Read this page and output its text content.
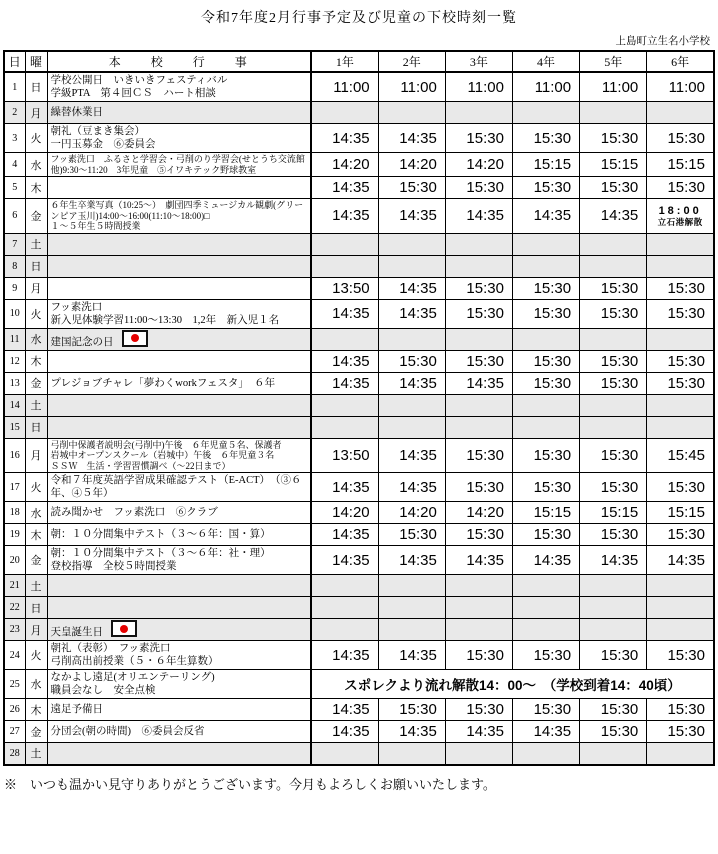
令和7年度2月行事予定及び児童の下校時刻一覧
上島町立生名小学校
日	曜	本　　校　　行　　事	1年	2年	3年	4年	5年	6年
1	日	学校公開日　いきいきフェスティバル
学級PTA　第４回ＣＳ　ハート相談	11:00	11:00	11:00	11:00	11:00	11:00
2	月	繰替休業日						

3	火	朝礼（豆まき集会）
一円玉募金　⑥委員会	14:35	14:35	15:30	15:30	15:30	15:30
4	水	フッ素洗口　ふるさと学習会・弓削のり学習会(せとうち交流館他)9:30～11:20　3年児童　⑤イワキテック野球教室	14:20	14:20	14:20	15:15	15:15	15:15
5	木		14:35	15:30	15:30	15:30	15:30	15:30
6	金	
６年生卒業写真（10:25～）　劇団四季ミュージカル観劇(グリーンピア玉川)14:00～16:00(11:10～18:00)□
１～５年生５時間授業
	14:35	14:35	14:35	14:35	14:35	18:00
立石港解散

7	土							
8	日							
9	月		13:50	14:35	15:30	15:30	15:30	15:30
10	火	フッ素洗口
新入児体験学習11:00～13:30　1,2年　新入児１名	14:35	14:35	15:30	15:30	15:30	15:30
11	水	建国記念の日						

12	木		14:35	15:30	15:30	15:30	15:30	15:30
13	金	プレジョブチャレ「夢わくworkフェスタ」　６年	14:35	14:35	14:35	15:30	15:30	15:30
14	土							
15	日							
16	月	弓削中保護者説明会(弓削中)午後　６年児童５名、保護者
岩城中オープンスクール（岩城中）午後　６年児童３名
ＳＳＷ　生活・学習習慣調べ（～22日まで）	13:50	14:35	15:30	15:30	15:30	15:45
17	火	令和７年度英語学習成果確認テスト（E-ACT）　（③６年、④５年）	14:35	14:35	15:30	15:30	15:30	15:30
18	水	読み聞かせ　フッ素洗口　⑥クラブ	14:20	14:20	14:20	15:15	15:15	15:15
19	木	朝：１０分間集中テスト（３～６年：国・算）	14:35	15:30	15:30	15:30	15:30	15:30
20	金	朝：１０分間集中テスト（３～６年：社・理）
登校指導　全校５時間授業	14:35	14:35	14:35	14:35	14:35	14:35
21	土							
22	日							
23	月	天皇誕生日						

24	火	朝礼（表彰）　フッ素洗口
弓削高出前授業（５・６年生算数）	14:35	14:35	15:30	15:30	15:30	15:30
25	水	なかよし遠足(オリエンテーリング)
職員会なし　安全点検	スポレクより流れ解散14：00～　（学校到着14：40頃）					
26	木	遠足予備日	14:35	15:30	15:30	15:30	15:30	15:30
27	金	分団会(朝の時間)　⑥委員会反省	14:35	14:35	14:35	14:35	15:30	15:30
28	土							
※　いつも温かい見守りありがとうございます。今月もよろしくお願いいたします。
